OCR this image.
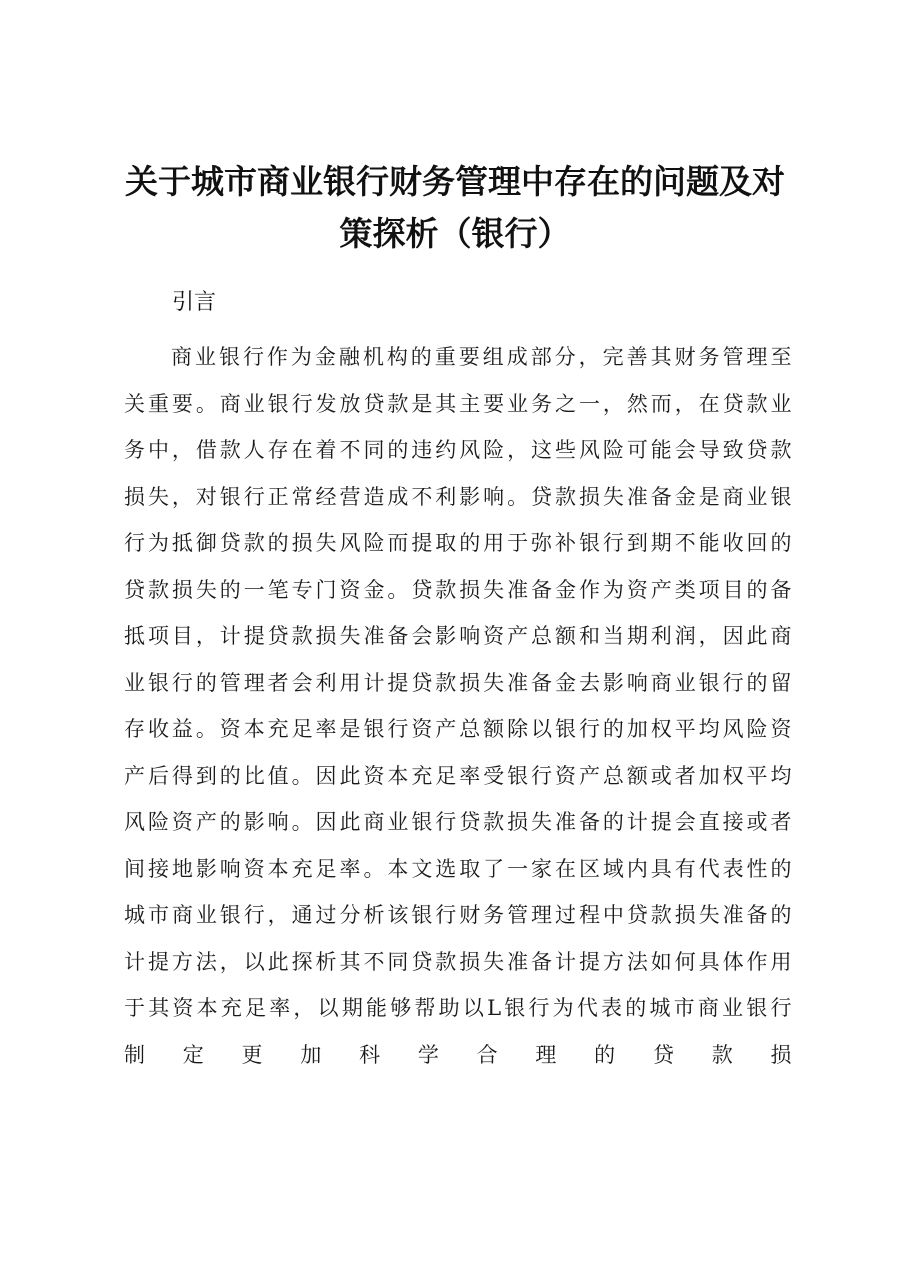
关于城市商业银行财务管理中存在的问题及对策探析（银行）
引言

商业银行作为金融机构的重要组成部分，完善其财务管理至关重要。商业银行发放贷款是其主要业务之一，然而，在贷款业务中，借款人存在着不同的违约风险，这些风险可能会导致贷款损失，对银行正常经营造成不利影响。贷款损失准备金是商业银行为抵御贷款的损失风险而提取的用于弥补银行到期不能收回的贷款损失的一笔专门资金。贷款损失准备金作为资产类项目的备抵项目，计提贷款损失准备会影响资产总额和当期利润，因此商业银行的管理者会利用计提贷款损失准备金去影响商业银行的留存收益。资本充足率是银行资产总额除以银行的加权平均风险资产后得到的比值。因此资本充足率受银行资产总额或者加权平均风险资产的影响。因此商业银行贷款损失准备的计提会直接或者间接地影响资本充足率。本文选取了一家在区域内具有代表性的城市商业银行，通过分析该银行财务管理过程中贷款损失准备的计提方法，以此探析其不同贷款损失准备计提方法如何具体作用于其资本充足率，以期能够帮助以L银行为代表的城市商业银行制定更加科学合理的贷款损
